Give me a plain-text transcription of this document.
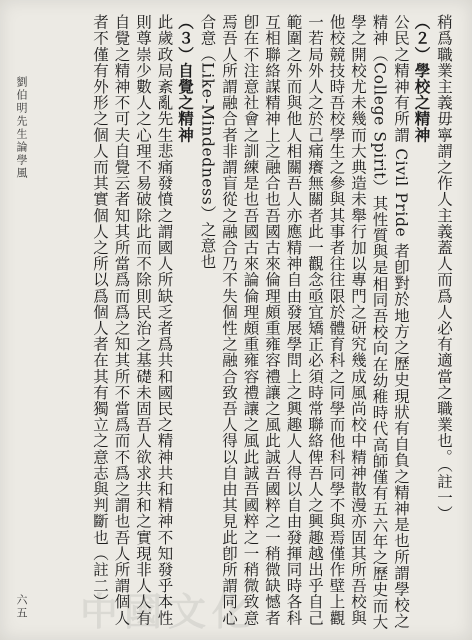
稍爲職業主義毋寧謂之作人主義蓋人而爲人必有適當之職業也。（註一）

（２）學校之精神

公民之精神有所謂 Civil Pride 者卽對於地方之歷史現狀有自負之精神是也所謂學校之精神（College Spirit）其性質與是相同吾校向在幼稚時代高師僅有五六年之歷史而大學之開校尤未幾而大典造未舉行加以專門之研究幾成風尚校中精神散漫亦固其所吾校與他校競技時吾校學生之參與其事者往往限於體育科之同學而他科同學不與焉僅作壁上觀一若局外人之於己痛癢無關者此一觀念亟宜矯正必須時常聯絡俾吾人之興趣越出乎自己範圍之外而與他人相關吾人亦應精神自由發展學問上之興趣人人得以自由發揮同時各科互相聯絡謀精神上之融合也吾國古來倫理頗重雍容禮讓之風此誠吾國粹之一稍微缺憾者卽在不注意社會之訓練是也吾國古來論倫理頗重雍容禮讓之風此誠吾國粹之一稍微致意焉吾人所謂融合者非謂盲從之融合乃不失個性之融合致吾人得以自由其見此卽所謂同心合意（Like-Mindedness）之意也

（３）自覺之精神

此歲政局紊亂先生悲痛發憤之謂國人所缺乏者爲共和國民之精神共和精神不知發乎本性則尊崇少數人之心理不易破除此而不除則民治之基礎未固吾人欲求共和之實現非人人有自覺之精神不可夫自覺云者知其所當爲而爲之知其所不當爲而不爲之謂也吾人所謂個人者不僅有外形之個人而其實個人之所以爲個人者在其有獨立之意志與判斷也（註二）

劉伯明先生論學風
六五 中國文化
